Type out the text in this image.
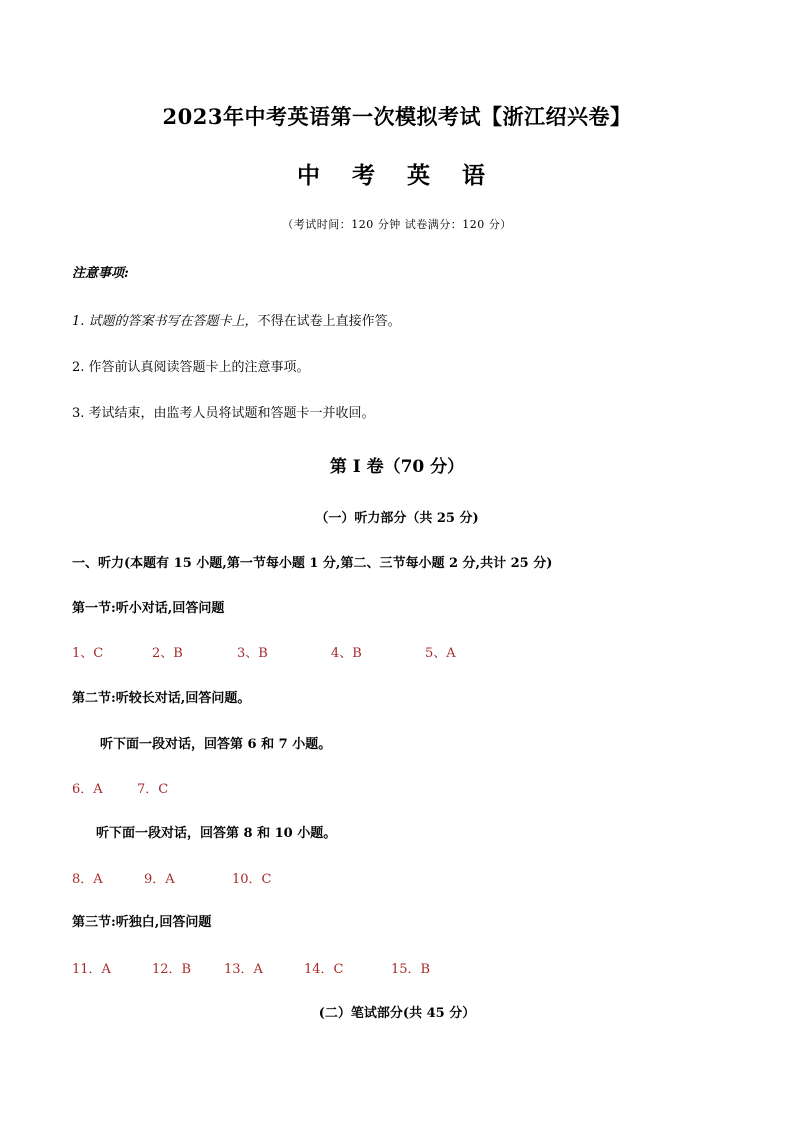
2023年中考英语第一次模拟考试【浙江绍兴卷】
中 考 英 语
（考试时间：120 分钟 试卷满分：120 分）
注意事项:
1. 试题的答案书写在答题卡上，不得在试卷上直接作答。
2. 作答前认真阅读答题卡上的注意事项。
3. 考试结束，由监考人员将试题和答题卡一并收回。
第 I 卷（70 分）
（一）听力部分（共 25 分)
一、听力(本题有 15 小题,第一节每小题 1 分,第二、三节每小题 2 分,共计 25 分)
第一节:听小对话,回答问题
1、C	2、B	3、B	4、B	5、A
第二节:听较长对话,回答问题。
听下面一段对话，回答第 6 和 7 小题。
6．A	7．C
听下面一段对话，回答第 8 和 10 小题。
8．A	9．A	10．C
第三节:听独白,回答问题
11．A	12．B	13．A	14．C	15．B
(二）笔试部分(共 45 分）
